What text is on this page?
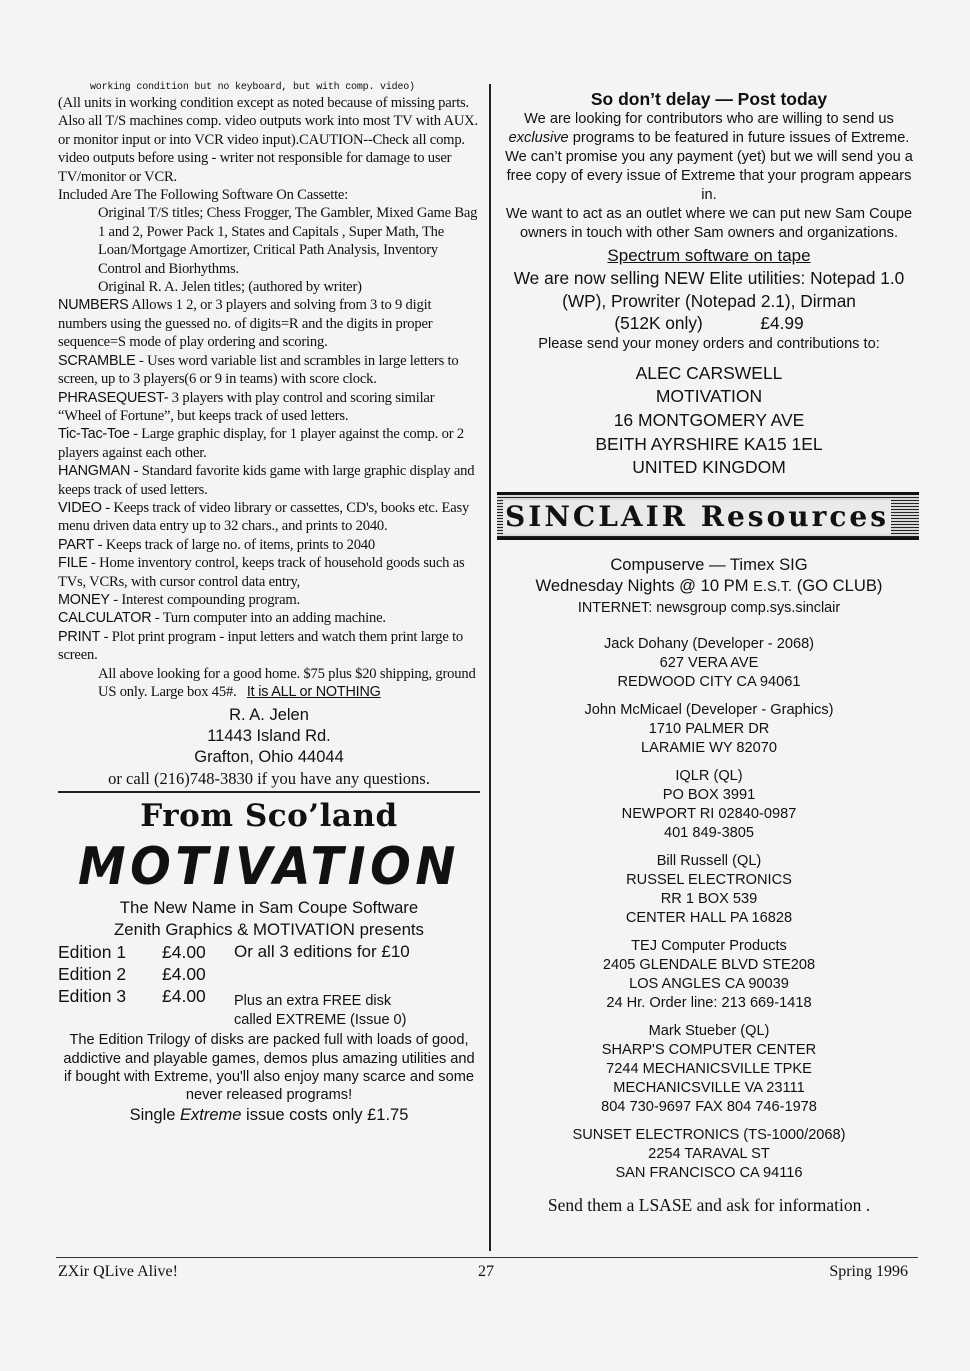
working condition but no keyboard, but with comp. video)

(All units in working condition except as noted because of missing parts. Also all T/S machines comp. video outputs work into most TV with AUX. or monitor input or into VCR video input).CAUTION--Check all comp. video outputs before using - writer not responsible for damage to user TV/monitor or VCR.

Included Are The Following Software On Cassette:

Original T/S titles; Chess Frogger, The Gambler, Mixed Game Bag 1 and 2, Power Pack 1, States and Capitals , Super Math, The Loan/Mortgage Amortizer, Critical Path Analysis, Inventory Control and Biorhythms.

Original R. A. Jelen titles; (authored by writer)

NUMBERS Allows 1 2, or 3 players and solving from 3 to 9 digit numbers using the guessed no. of digits=R and the digits in proper sequence=S mode of play ordering and scoring.

SCRAMBLE - Uses word variable list and scrambles in large letters to screen, up to 3 players(6 or 9 in teams) with score clock.

PHRASEQUEST- 3 players with play control and scoring similar “Wheel of Fortune”, but keeps track of used letters.

Tic-Tac-Toe - Large graphic display, for 1 player against the comp. or 2 players against each other.

HANGMAN - Standard favorite kids game with large graphic display and keeps track of used letters.

VIDEO - Keeps track of video library or cassettes, CD's, books etc. Easy menu driven data entry up to 32 chars., and prints to 2040.

PART - Keeps track of large no. of items, prints to 2040

FILE - Home inventory control, keeps track of household goods such as TVs, VCRs, with cursor control data entry,

MONEY - Interest compounding program.

CALCULATOR - Turn computer into an adding machine.

PRINT - Plot print program - input letters and watch them print large to screen.

All above looking for a good home. $75 plus $20 shipping, ground US only. Large box 45#. It is ALL or NOTHING

R. A. Jelen
11443 Island Rd.
Grafton, Ohio 44044
or call (216)748-3830 if you have any questions.
From Sco’land
MOTIVATION
The New Name in Sam Coupe Software
Zenith Graphics & MOTIVATION presents
Edition 1	£4.00	Or all 3 editions for £10
Edition 2	£4.00
Edition 3	£4.00	Plus an extra FREE disk
called EXTREME (Issue 0)
The Edition Trilogy of disks are packed full with loads of good, addictive and playable games, demos plus amazing utilities and if bought with Extreme, you'll also enjoy many scarce and some never released programs!
Single Extreme issue costs only £1.75
So don’t delay — Post today
We are looking for contributors who are willing to send us exclusive programs to be featured in future issues of Extreme. We can’t promise you any payment (yet) but we will send you a free copy of every issue of Extreme that your program appears in.
We want to act as an outlet where we can put new Sam Coupe owners in touch with other Sam owners and organizations.
Spectrum software on tape
We are now selling NEW Elite utilities: Notepad 1.0 (WP), Prowriter (Notepad 2.1), Dirman
(512K only)	£4.99
Please send your money orders and contributions to:
ALEC CARSWELL
MOTIVATION
16 MONTGOMERY AVE
BEITH AYRSHIRE KA15 1EL
UNITED KINGDOM
SINCLAIR Resources
Compuserve — Timex SIG
Wednesday Nights @ 10 PM E.S.T. (GO CLUB)
INTERNET: newsgroup comp.sys.sinclair
Jack Dohany (Developer - 2068)
627 VERA AVE
REDWOOD CITY CA 94061
John McMicael (Developer - Graphics)
1710 PALMER DR
LARAMIE WY 82070
IQLR (QL)
PO BOX 3991
NEWPORT RI 02840-0987
401 849-3805
Bill Russell (QL)
RUSSEL ELECTRONICS
RR 1 BOX 539
CENTER HALL PA 16828
TEJ Computer Products
2405 GLENDALE BLVD STE208
LOS ANGLES CA 90039
24 Hr. Order line: 213 669-1418
Mark Stueber (QL)
SHARP'S COMPUTER CENTER
7244 MECHANICSVILLE TPKE
MECHANICSVILLE VA 23111
804 730-9697 FAX 804 746-1978
SUNSET ELECTRONICS (TS-1000/2068)
2254 TARAVAL ST
SAN FRANCISCO CA 94116
Send them a LSASE and ask for information .
ZXir QLive Alive!	27	Spring 1996
